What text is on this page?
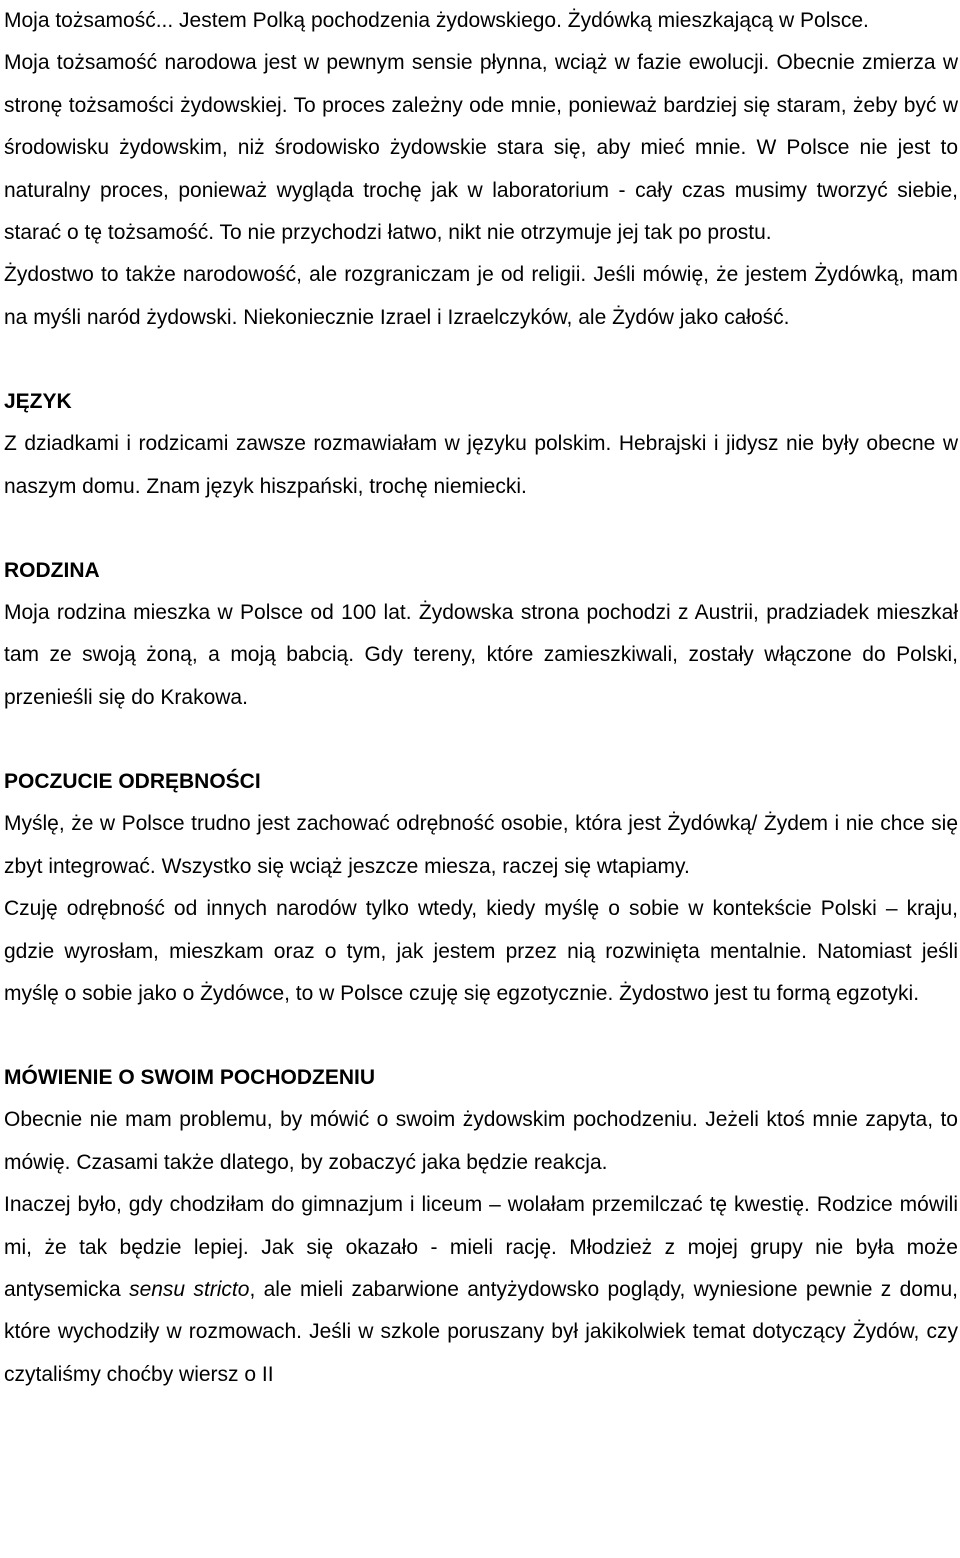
Moja tożsamość... Jestem Polką pochodzenia żydowskiego. Żydówką mieszkającą w Polsce.

Moja tożsamość narodowa jest w pewnym sensie płynna, wciąż w fazie ewolucji. Obecnie zmierza w stronę tożsamości żydowskiej. To proces zależny ode mnie, ponieważ bardziej się staram, żeby być w środowisku żydowskim, niż środowisko żydowskie stara się, aby mieć mnie. W Polsce nie jest to naturalny proces, ponieważ wygląda trochę jak w laboratorium - cały czas musimy tworzyć siebie, starać o tę tożsamość. To nie przychodzi łatwo, nikt nie otrzymuje jej tak po prostu.

Żydostwo to także narodowość, ale rozgraniczam je od religii. Jeśli mówię, że jestem Żydówką, mam na myśli naród żydowski. Niekoniecznie Izrael i Izraelczyków, ale Żydów jako całość.

JĘZYK

Z dziadkami i rodzicami zawsze rozmawiałam w języku polskim. Hebrajski i jidysz nie były obecne w naszym domu. Znam język hiszpański, trochę niemiecki.

RODZINA

Moja rodzina mieszka w Polsce od 100 lat. Żydowska strona pochodzi z Austrii, pradziadek mieszkał tam ze swoją żoną, a moją babcią. Gdy tereny, które zamieszkiwali, zostały włączone do Polski, przenieśli się do Krakowa.

POCZUCIE ODRĘBNOŚCI

Myślę, że w Polsce trudno jest zachować odrębność osobie, która jest Żydówką/ Żydem i nie chce się zbyt integrować. Wszystko się wciąż jeszcze miesza, raczej się wtapiamy.

Czuję odrębność od innych narodów tylko wtedy, kiedy myślę o sobie w kontekście Polski – kraju, gdzie wyrosłam, mieszkam oraz o tym, jak jestem przez nią rozwinięta mentalnie. Natomiast jeśli myślę o sobie jako o Żydówce, to w Polsce czuję się egzotycznie. Żydostwo jest tu formą egzotyki.

MÓWIENIE O SWOIM POCHODZENIU

Obecnie nie mam problemu, by mówić o swoim żydowskim pochodzeniu. Jeżeli ktoś mnie zapyta, to mówię. Czasami także dlatego, by zobaczyć jaka będzie reakcja.

Inaczej było, gdy chodziłam do gimnazjum i liceum – wolałam przemilczać tę kwestię. Rodzice mówili mi, że tak będzie lepiej. Jak się okazało - mieli rację. Młodzież z mojej grupy nie była może antysemicka sensu stricto, ale mieli zabarwione antyżydowsko poglądy, wyniesione pewnie z domu, które wychodziły w rozmowach. Jeśli w szkole poruszany był jakikolwiek temat dotyczący Żydów, czy czytaliśmy choćby wiersz o II
